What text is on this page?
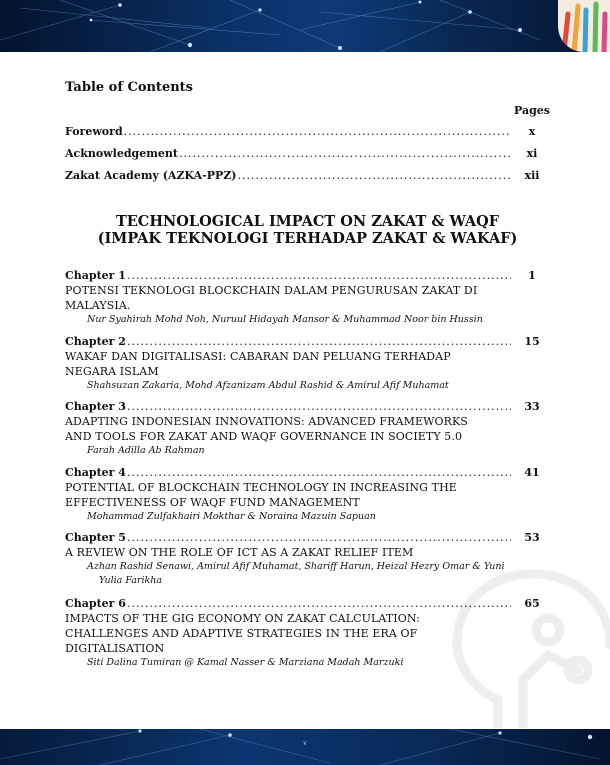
Table of Contents
Pages
Foreword .....	x
Acknowledgement .....	xi
Zakat Academy (AZKA-PPZ) .....	xii
TECHNOLOGICAL IMPACT ON ZAKAT & WAQF
(IMPAK TEKNOLOGI TERHADAP ZAKAT & WAKAF)
Chapter 1 .....	1
POTENSI TEKNOLOGI BLOCKCHAIN DALAM PENGURUSAN ZAKAT DI MALAYSIA.
Nur Syahirah Mohd Noh, Nuruul Hidayah Mansor & Muhammad Noor bin Hussin
Chapter 2 .....	15
WAKAF DAN DIGITALISASI: CABARAN DAN PELUANG TERHADAP NEGARA ISLAM
Shahsuzan Zakaria, Mohd Afzanizam Abdul Rashid & Amirul Afif Muhamat
Chapter 3 .....	33
ADAPTING INDONESIAN INNOVATIONS: ADVANCED FRAMEWORKS AND TOOLS FOR ZAKAT AND WAQF GOVERNANCE IN SOCIETY 5.0
Farah Adilla Ab Rahman
Chapter 4 .....	41
POTENTIAL OF BLOCKCHAIN TECHNOLOGY IN INCREASING THE EFFECTIVENESS OF WAQF FUND MANAGEMENT
Mohammad Zulfakhairi Mokthar & Noraina Mazuin Sapuan
Chapter 5 .....	53
A REVIEW ON THE ROLE OF ICT AS A ZAKAT RELIEF ITEM
Azhan Rashid Senawi, Amirul Afif Muhamat, Shariff Harun, Heizal Hezry Omar & Yuni
Yulia Farikha
Chapter 6 .....	65
IMPACTS OF THE GIG ECONOMY ON ZAKAT CALCULATION: CHALLENGES AND ADAPTIVE STRATEGIES IN THE ERA OF DIGITALISATION
Siti Dalina Tumiran @ Kamal Nasser & Marziana Madah Marzuki
v
